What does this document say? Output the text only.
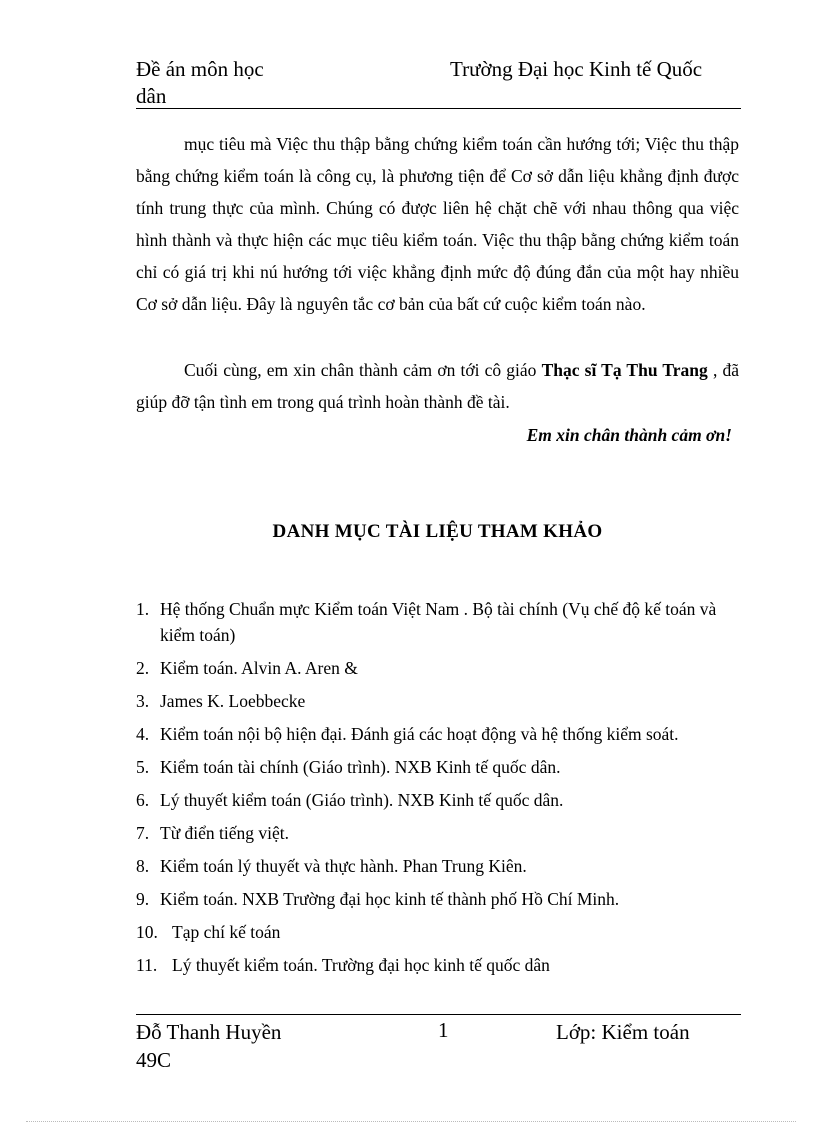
Đề án môn học
dân
Trường Đại học Kinh tế Quốc
mục tiêu mà Việc thu thập bằng chứng kiểm toán cần hướng tới; Việc thu thập bằng chứng kiểm toán là công cụ, là phương tiện để Cơ sở dẫn liệu khẳng định được tính trung thực của mình. Chúng có được liên hệ chặt chẽ với nhau thông qua việc hình thành và thực hiện các mục tiêu kiểm toán. Việc thu thập bằng chứng kiểm toán chỉ có giá trị khi nú hướng tới việc khẳng định mức độ đúng đắn của một hay nhiều Cơ sở dẫn liệu. Đây là nguyên tắc cơ bản của bất cứ cuộc kiểm toán nào.
Cuối cùng, em xin chân thành cảm ơn tới cô giáo Thạc sĩ Tạ Thu Trang , đã giúp đỡ tận tình em trong quá trình hoàn thành đề tài.
Em xin chân thành cảm ơn!
DANH MỤC TÀI LIỆU THAM KHẢO
1. Hệ thống Chuẩn mực Kiểm toán Việt Nam . Bộ tài chính (Vụ chế độ kế toán và kiểm toán)
2. Kiểm toán. Alvin A. Aren &
3. James K. Loebbecke
4. Kiểm toán nội bộ hiện đại. Đánh giá các hoạt động và hệ thống kiểm soát.
5. Kiểm toán tài chính (Giáo trình). NXB Kinh tế quốc dân.
6. Lý thuyết kiểm toán (Giáo trình). NXB Kinh tế quốc dân.
7. Từ điển tiếng việt.
8. Kiểm toán lý thuyết và thực hành. Phan Trung Kiên.
9. Kiểm toán. NXB Trường đại học kinh tế thành phố Hồ Chí Minh.
10. Tạp chí kế toán
11. Lý thuyết kiểm toán. Trường đại học kinh tế quốc dân
Đỗ Thanh Huyền
49C
1	Lớp: Kiểm toán
